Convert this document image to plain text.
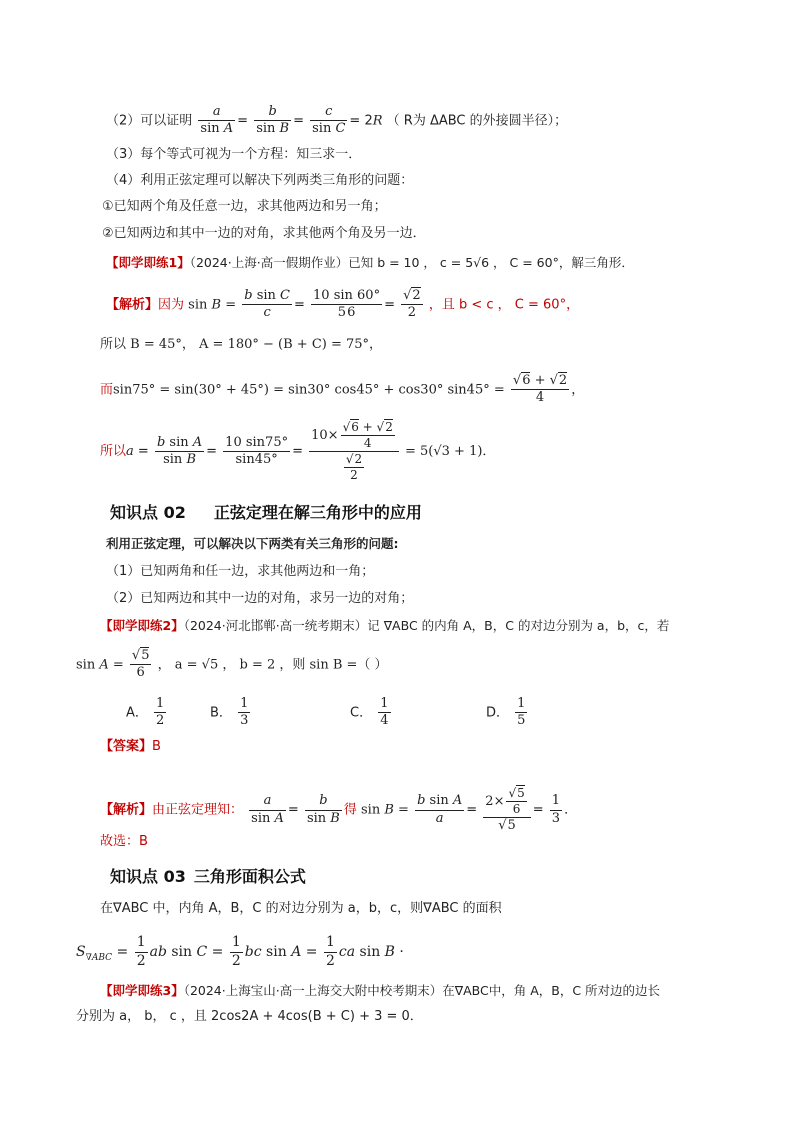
（2）可以证明 $\frac{a}{\text{sin A}} = \frac{b}{\text{sin B}} = \frac{c}{\text{sin C}} = 2R$ （ R为 ΔABC 的外接圆半径）；
（3）每个等式可视为一个方程：知三求一．
（4）利用正弦定理可以解决下列两类三角形的问题：
①已知两个角及任意一边，求其他两边和另一角；
②已知两边和其中一边的对角，求其他两个角及另一边．
【即学即练1】（2024·上海·高一假期作业）已知 b = 10 ， c = 5√6 ， C = 60°，解三角形．
【解析】因为 $\sin B = \frac{\text{b sin C}}{c} = \frac{10 \sin 60^\circ}{56} = \frac{√2}{2}$ ，且 b < c ， C = 60°，
所以 B = 45°， A = 180° − (B + C) = 75°，
而sin75° = sin(30° + 45°) = sin30° cos45° + cos30° $\sin 45^\circ = \frac{√6 + √2}{4}$ ，
所以$a = \frac{\text{b sin A}}{\text{sin B}} = \frac{10 \sin 75^\circ}{\sin 45^\circ} = \frac{10\times \frac{√6 + √2}{4}}{\frac{√2}{2}} = 5(√3 + 1)$．
知识点 02 正弦定理在解三角形中的应用
利用正弦定理，可以解决以下两类有关三角形的问题:
（1）已知两角和任一边，求其他两边和一角；
（2）已知两边和其中一边的对角，求另一边的对角；
【即学即练2】（2024·河北邯郸·高一统考期末）记 ∇ABC 的内角 A，B，C 的对边分别为 a，b，c，若
$\sin A = \frac{√5}{6}$ ， a = √5 ， b = 2 ，则 sin B =（ ）
A． $\frac{1}{2}$	B． $\frac{1}{3}$	C． $\frac{1}{4}$	D． $\frac{1}{5}$
【答案】B
【解析】由正弦定理知： $\frac{a}{\text{sin A}} = \frac{b}{\text{sin B}}$ 得 $\sin B = \frac{\text{b sin A}}{a} = \frac{2\times \frac{√5}{6}}{√5} = \frac{1}{3}$ ．
故选：B
知识点 03 三角形面积公式
在∇ABC 中，内角 A，B，C 的对边分别为 a，b，c，则∇ABC 的面积
$S_{\nabla ABC} = \frac{1}{2}$ ab $\sin C = \frac{1}{2}$ bc $\sin A = \frac{1}{2}$ ca sin B ·
【即学即练3】（2024·上海宝山·高一上海交大附中校考期末）在∇ABC中，角 A，B，C 所对边的边长
分别为 a， b， c ，且 2cos2A + 4cos(B + C) + 3 = 0．
